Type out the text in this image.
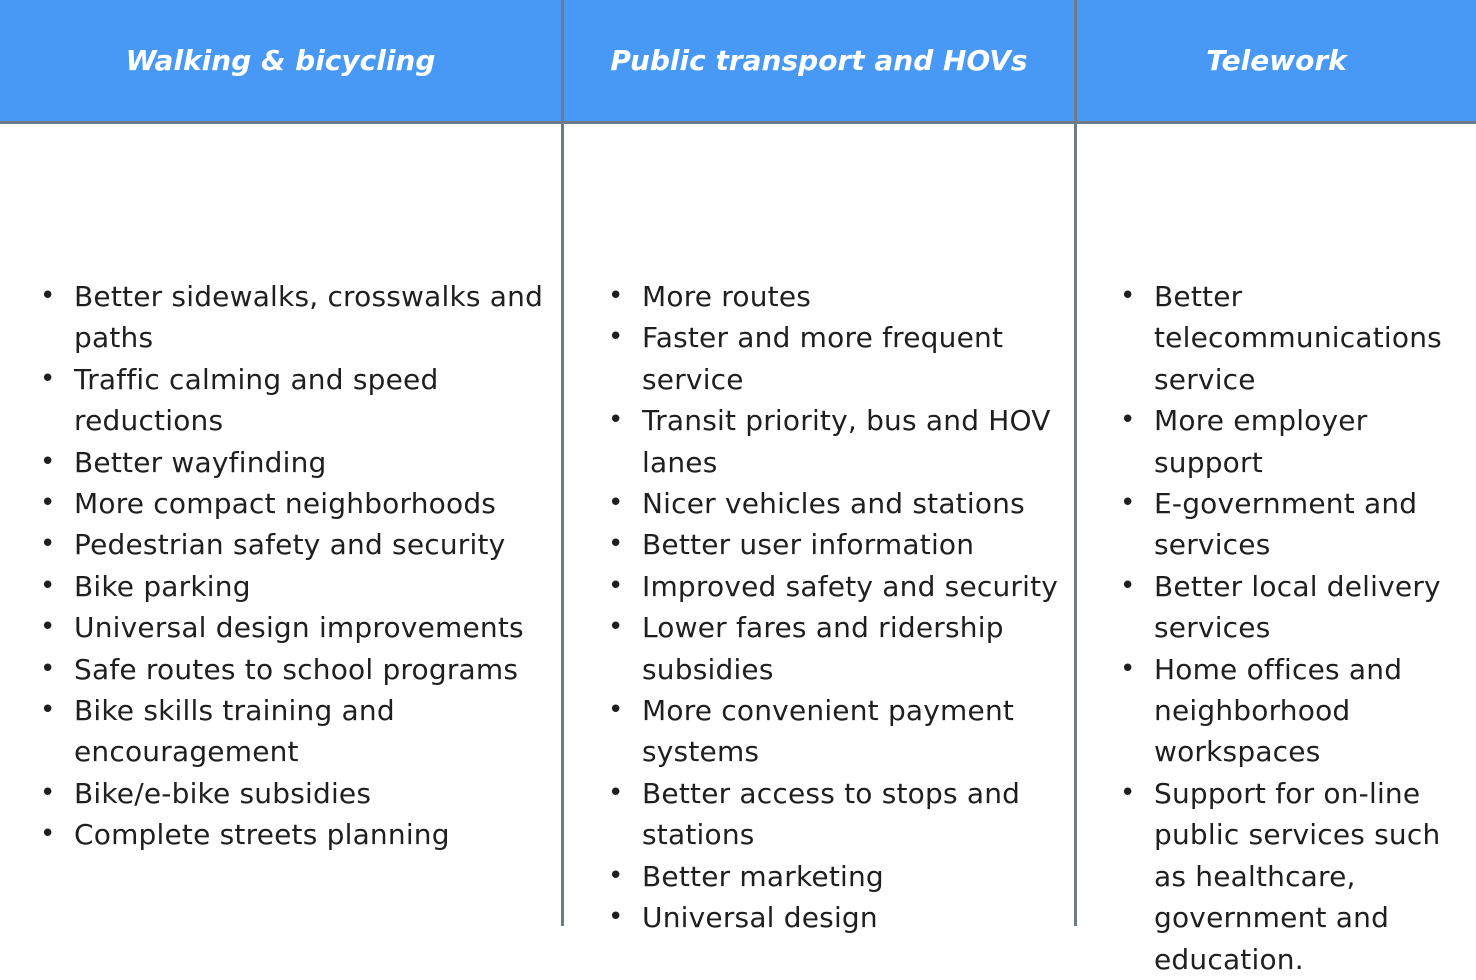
Walking & bicycling	Public transport and HOVs	Telework
• Better sidewalks, crosswalks and paths
• Traffic calming and speed reductions
• Better wayfinding
• More compact neighborhoods
• Pedestrian safety and security
• Bike parking
• Universal design improvements
• Safe routes to school programs
• Bike skills training and encouragement
• Bike/e-bike subsidies
• Complete streets planning
• More routes
• Faster and more frequent service
• Transit priority, bus and HOV lanes
• Nicer vehicles and stations
• Better user information
• Improved safety and security
• Lower fares and ridership subsidies
• More convenient payment systems
• Better access to stops and stations
• Better marketing
• Universal design
• Better telecommunications service
• More employer support
• E-government and services
• Better local delivery services
• Home offices and neighborhood workspaces
• Support for on-line public services such as healthcare, government and education.
